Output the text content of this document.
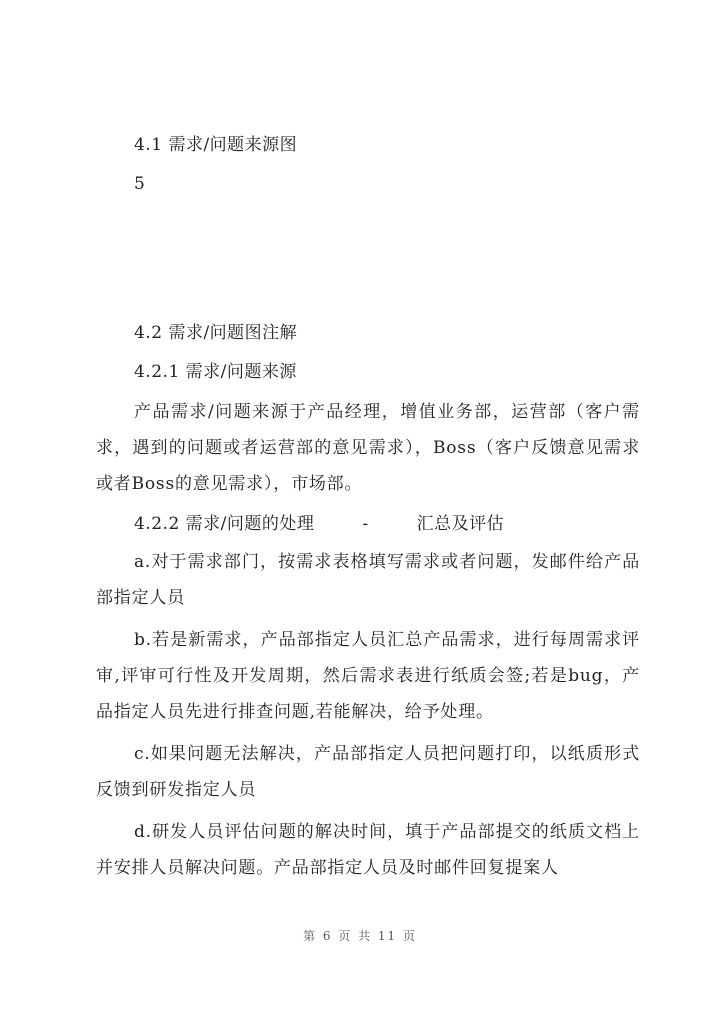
4.1 需求/问题来源图
5
4.2 需求/问题图注解
4.2.1 需求/问题来源
产品需求/问题来源于产品经理，增值业务部，运营部（客户需求，遇到的问题或者运营部的意见需求），Boss（客户反馈意见需求或者Boss的意见需求），市场部。
4.2.2 需求/问题的处理	-	汇总及评估
a.对于需求部门，按需求表格填写需求或者问题，发邮件给产品部指定人员
b.若是新需求，产品部指定人员汇总产品需求，进行每周需求评审,评审可行性及开发周期，然后需求表进行纸质会签;若是bug，产品指定人员先进行排查问题,若能解决，给予处理。
c.如果问题无法解决，产品部指定人员把问题打印，以纸质形式反馈到研发指定人员
d.研发人员评估问题的解决时间，填于产品部提交的纸质文档上并安排人员解决问题。产品部指定人员及时邮件回复提案人
第 6 页 共 11 页
